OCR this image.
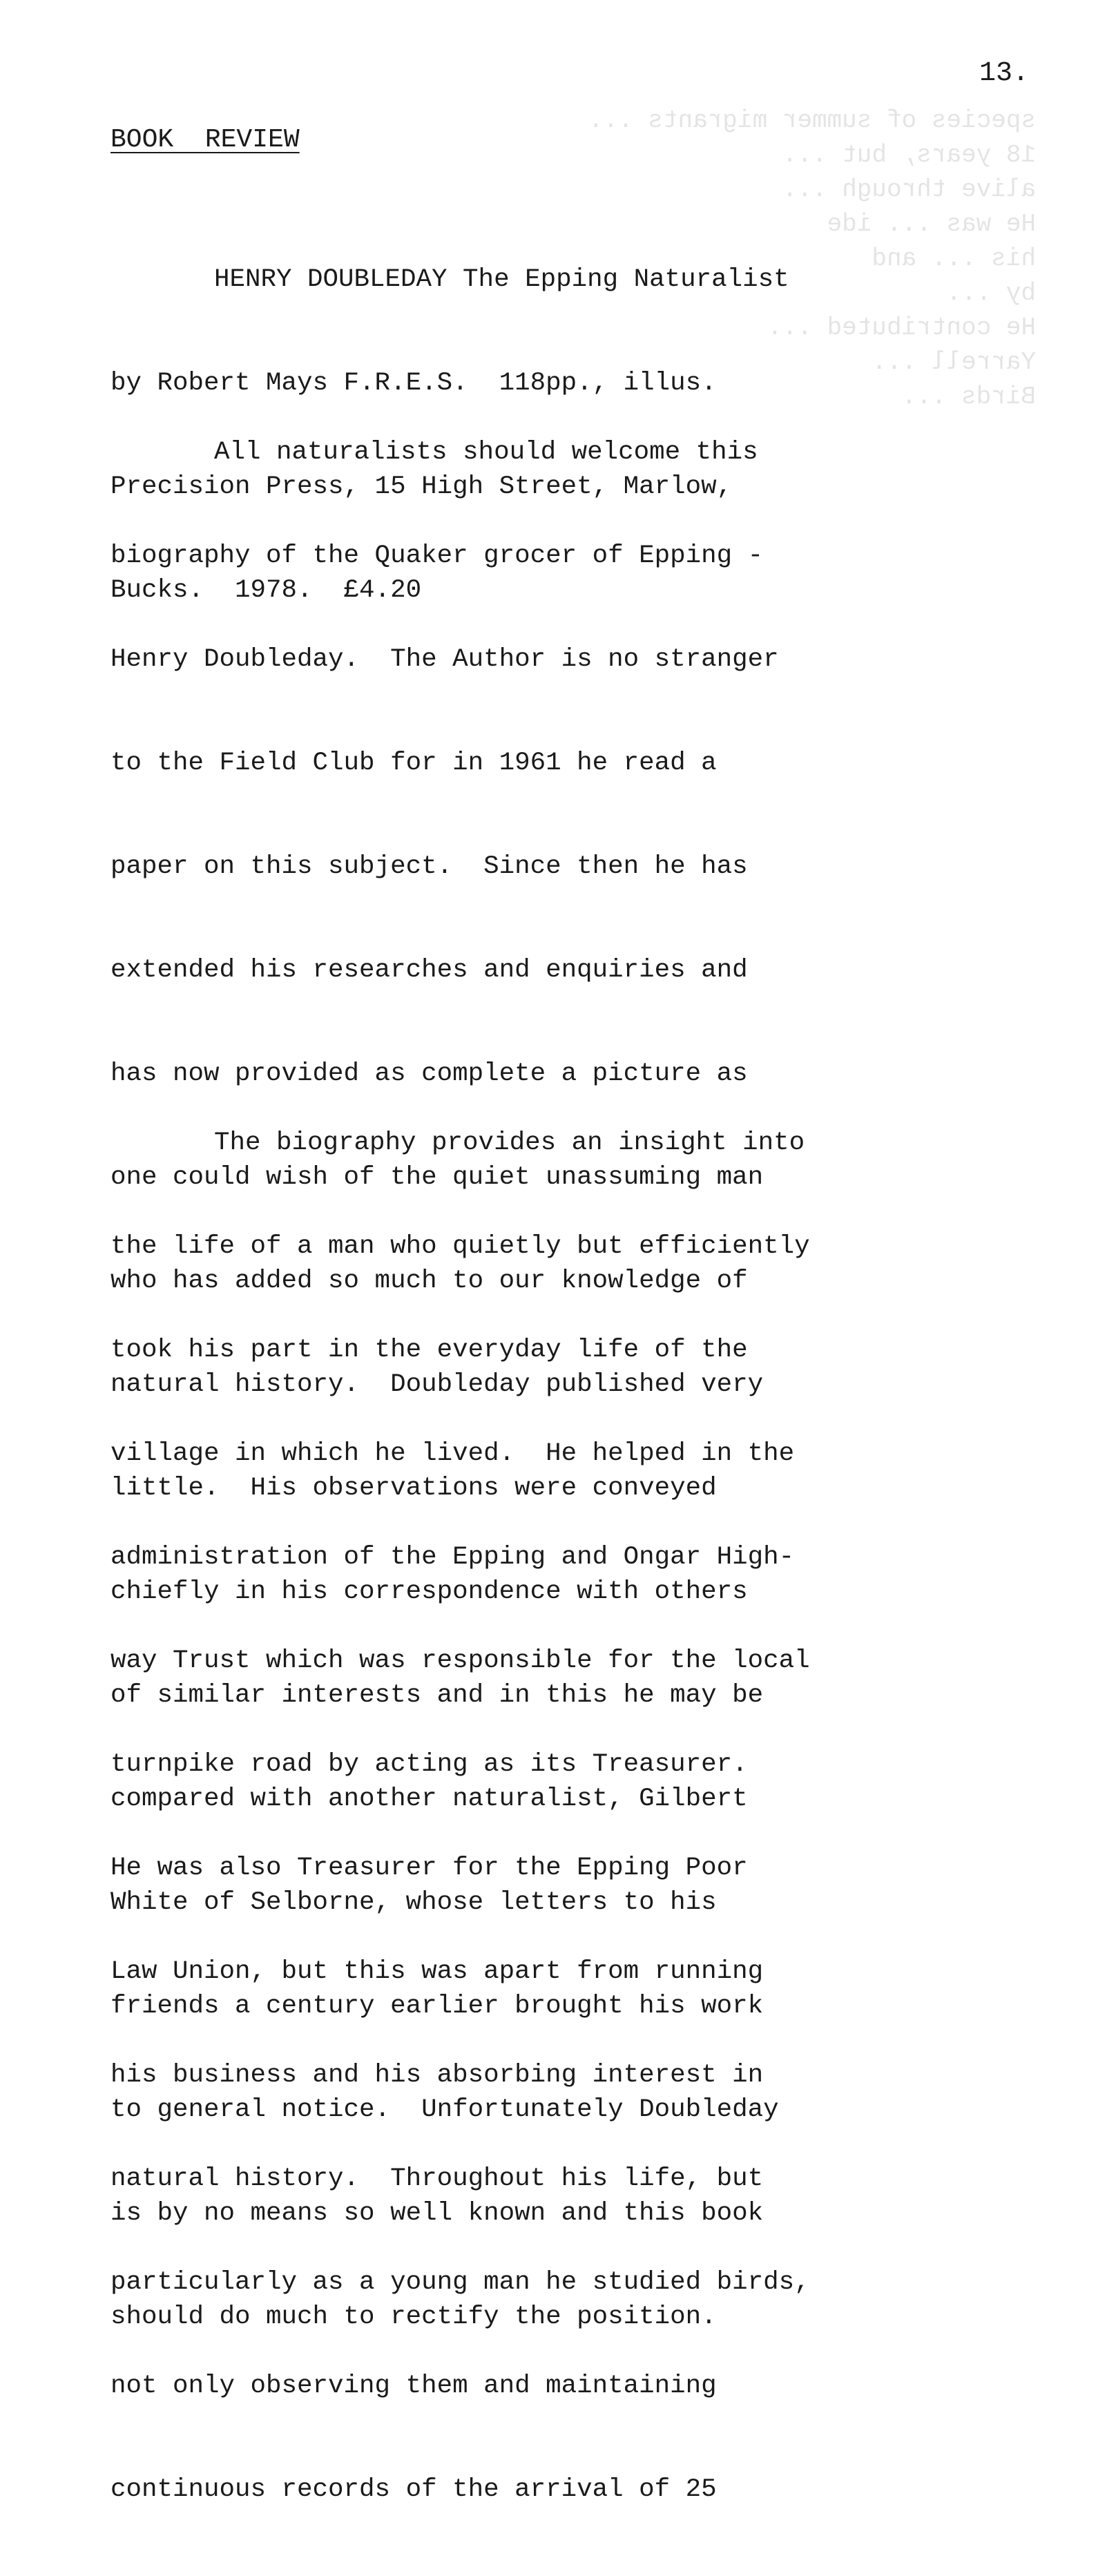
species of summer migrants ...
18 years, but ...
alive through ...
He was ... ide
his ... and
by ...
He contributed ...
Yarrell ...
Birds ...

13.
BOOK  REVIEW

HENRY DOUBLEDAY The Epping Naturalist

by Robert Mays F.R.E.S.  118pp., illus.

Precision Press, 15 High Street, Marlow,

Bucks.  1978.  £4.20

All naturalists should welcome this

biography of the Quaker grocer of Epping -

Henry Doubleday.  The Author is no stranger

to the Field Club for in 1961 he read a

paper on this subject.  Since then he has

extended his researches and enquiries and

has now provided as complete a picture as

one could wish of the quiet unassuming man

who has added so much to our knowledge of

natural history.  Doubleday published very

little.  His observations were conveyed

chiefly in his correspondence with others

of similar interests and in this he may be

compared with another naturalist, Gilbert

White of Selborne, whose letters to his

friends a century earlier brought his work

to general notice.  Unfortunately Doubleday

is by no means so well known and this book

should do much to rectify the position.

The biography provides an insight into

the life of a man who quietly but efficiently

took his part in the everyday life of the

village in which he lived.  He helped in the

administration of the Epping and Ongar High-

way Trust which was responsible for the local

turnpike road by acting as its Treasurer.

He was also Treasurer for the Epping Poor

Law Union, but this was apart from running

his business and his absorbing interest in

natural history.  Throughout his life, but

particularly as a young man he studied birds,

not only observing them and maintaining

continuous records of the arrival of 25
